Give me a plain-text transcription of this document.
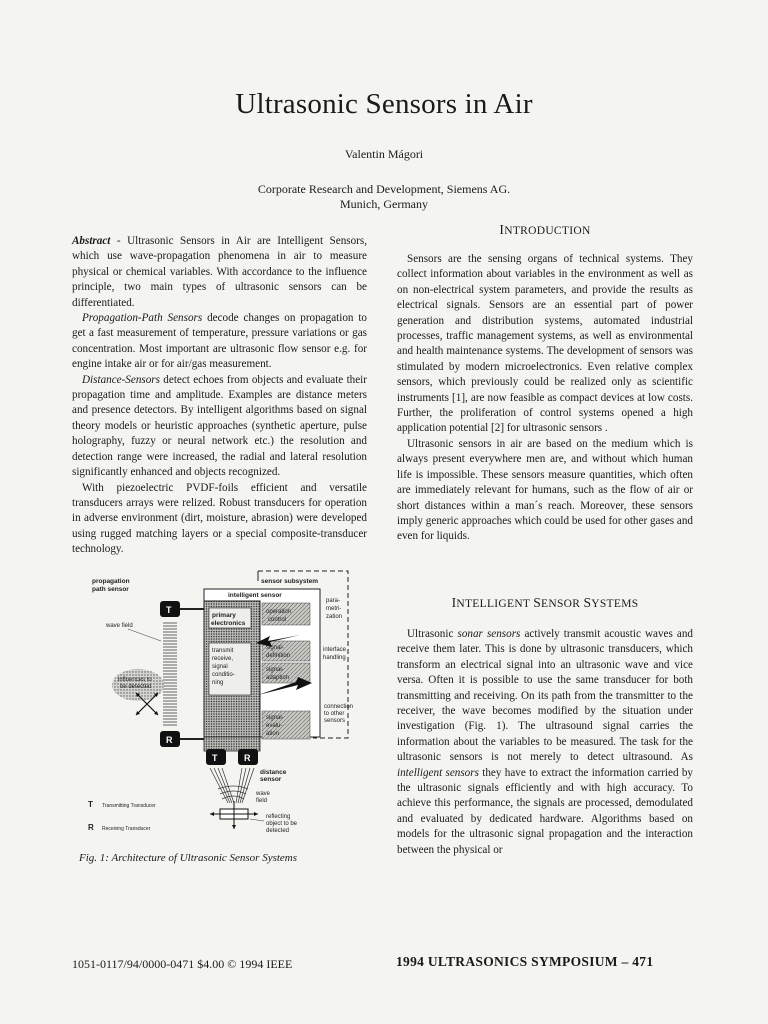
Ultrasonic Sensors in Air
Valentin Mágori
Corporate Research and Development, Siemens AG.
Munich, Germany

Abstract - Ultrasonic Sensors in Air are Intelligent Sensors, which use wave-propagation phenomena in air to measure physical or chemical variables. With accordance to the influence principle, two main types of ultrasonic sensors can be differentiated.

Propagation-Path Sensors decode changes on propagation to get a fast measurement of temperature, pressure variations or gas concentration. Most important are ultrasonic flow sensor e.g. for engine intake air or for air/gas measurement.

Distance-Sensors detect echoes from objects and evaluate their propagation time and amplitude. Examples are distance meters and presence detectors. By intelligent algorithms based on signal theory models or heuristic approaches (synthetic aperture, pulse holography, fuzzy or neural network etc.) the resolution and detection range were increased, the radial and lateral resolution significantly enhanced and objects recognized.

With piezoelectric PVDF-foils efficient and versatile transducers arrays were relized. Robust transducers for operation in adverse environment (dirt, moisture, abrasion) were developed using rugged matching layers or a special composite-transducer technology.

INTRODUCTION

Sensors are the sensing organs of technical systems. They collect information about variables in the environment as well as on non-electrical system parameters, and provide the results as electrical signals. Sensors are an essential part of power generation and distribution systems, automated industrial processes, traffic management systems, as well as environmental and health maintenance systems. The development of sensors was stimulated by modern microelectronics. Even relative complex sensors, which previously could be realized only as scientific instruments [1], are now feasible as compact devices at low costs. Further, the proliferation of control systems opened a high application potential [2] for ultrasonic sensors .

Ultrasonic sensors in air are based on the medium which is always present everywhere men are, and without which human life is impossible. These sensors measure quantities, which often are immediately relevant for humans, such as the flow of air or short distances within a man´s reach. Moreover, these sensors imply generic approaches which could be used for other gases and even for liquids.

INTELLIGENT SENSOR SYSTEMS

Ultrasonic sonar sensors actively transmit acoustic waves and receive them later. This is done by ultrasonic transducers, which transform an electrical signal into an ultrasonic wave and vice versa. Often it is possible to use the same transducer for both transmitting and receiving. On its path from the transmitter to the receiver, the wave becomes modified by the situation under investigation (Fig. 1). The ultrasound signal carries the information about the variables to be measured. The task for the ultrasonic sensors is not merely to detect ultrasound. As intelligent sensors they have to extract the information carried by the ultrasonic signals efficiently and with high accuracy. To achieve this performance, the signals are processed, demodulated and evaluated by dedicated hardware. Algorithms based on models for the ultrasonic signal propagation and the interaction between the physical or

sensor subsystem
intelligent sensor
primary
electronics
transmit
receive,
signal
conditio-
ning
operation
control
signal-
definition
signal-
adaption
signal-
evalu-
ation
para-
metri-
zation
interface
handling
connection
to other
sensors
propagation
path sensor
T
wave field
influences to
be detected
R
T	R
distance
sensor
wave
field
reflecting
object to be
detected
T Transmitting Transducer
R Receiving Transducer
Fig. 1: Architecture of Ultrasonic Sensor Systems
1051-0117/94/0000-0471 $4.00 © 1994 IEEE	1994 ULTRASONICS SYMPOSIUM – 471
